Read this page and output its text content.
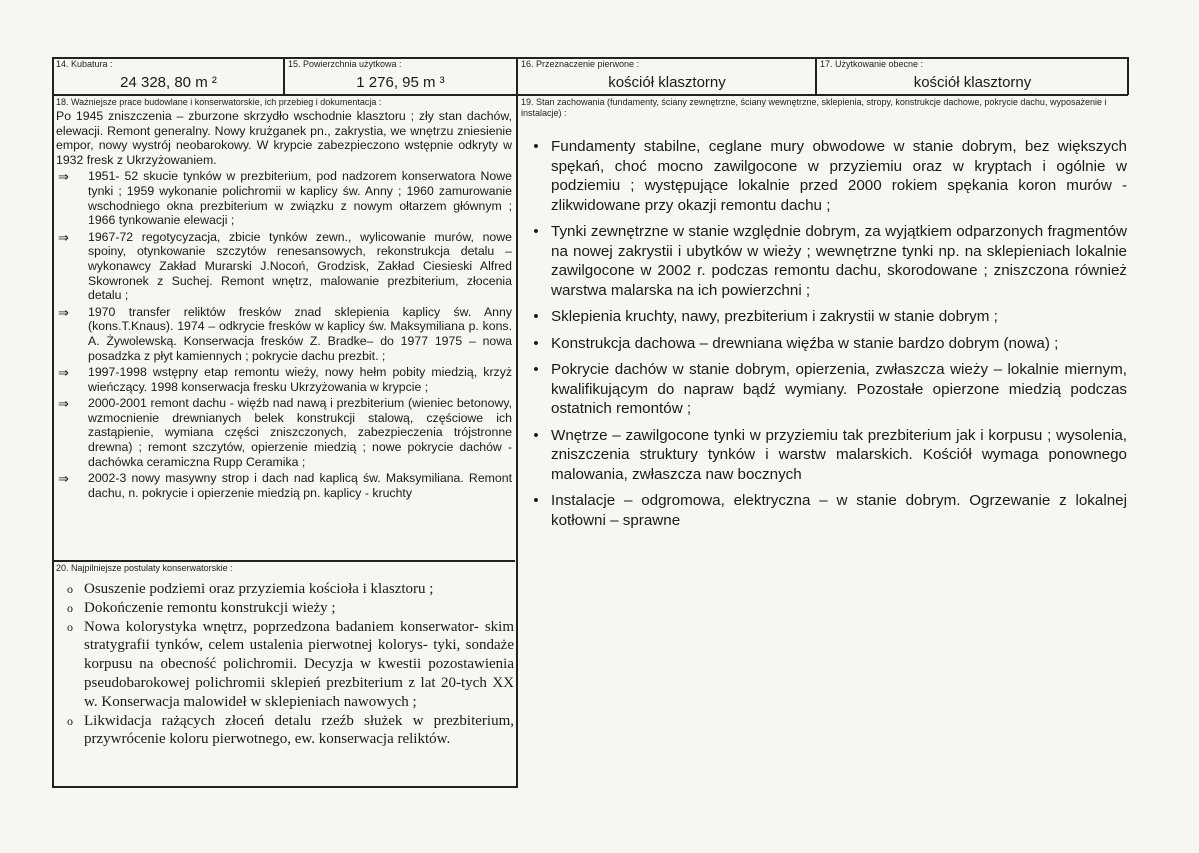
14. Kubatura :
24 328, 80 m ²
15. Powierzchnia użytkowa :
1 276, 95 m ³
16. Przeznaczenie pierwone :
kościół klasztorny
17. Użytkowanie obecne :
kościół klasztorny
18. Ważniejsze prace budowlane i konserwatorskie, ich przebieg i dokumentacja :
Po 1945 zniszczenia – zburzone skrzydło wschodnie klasztoru ; zły stan dachów, elewacji. Remont generalny. Nowy krużganek pn., zakrystia, we wnętrzu zniesienie empor, nowy wystrój neobarokowy. W krypcie zabezpieczono wstępnie odkryty w 1932 fresk z Ukrzyżowaniem.
⇒	1951- 52 skucie tynków w prezbiterium, pod nadzorem konserwatora Nowe tynki ; 1959 wykonanie polichromii w kaplicy św. Anny ; 1960 zamurowanie wschodniego okna prezbiterium w związku z nowym ołtarzem głównym ; 1966 tynkowanie elewacji ;
⇒	1967-72 regotycyzacja, zbicie tynków zewn., wylicowanie murów, nowe spoiny, otynkowanie szczytów renesansowych, rekonstrukcja detalu – wykonawcy Zakład Murarski J.Nocoń, Grodzisk, Zakład Ciesieski Alfred Skowronek z Suchej. Remont wnętrz, malowanie prezbiterium, złocenia detalu ;
⇒	1970 transfer reliktów fresków znad sklepienia kaplicy św. Anny (kons.T.Knaus). 1974 – odkrycie fresków w kaplicy św. Maksymiliana p. kons. A. Żywolewską. Konserwacja fresków Z. Bradke– do 1977 1975 – nowa posadzka z płyt kamiennych ; pokrycie dachu prezbit. ;
⇒	1997-1998 wstępny etap remontu wieży, nowy hełm pobity miedzią, krzyż wieńczący. 1998 konserwacja fresku Ukrzyżowania w krypcie ;
⇒	2000-2001 remont dachu - więźb nad nawą i prezbiterium (wieniec betonowy, wzmocnienie drewnianych belek konstrukcji stalową, częściowe ich zastąpienie, wymiana części zniszczonych, zabezpieczenia trójstronne drewna) ; remont szczytów, opierzenie miedzią ; nowe pokrycie dachów - dachówka ceramiczna Rupp Ceramika ;
⇒	2002-3 nowy masywny strop i dach nad kaplicą św. Maksymiliana. Remont dachu, n. pokrycie i opierzenie miedzią pn. kaplicy - kruchty
19. Stan zachowania (fundamenty, ściany zewnętrzne, ściany wewnętrzne, sklepienia, stropy, konstrukcje dachowe, pokrycie dachu, wyposażenie i instalacje) :
• Fundamenty stabilne, ceglane mury obwodowe w stanie dobrym, bez większych spękań, choć mocno zawilgocone w przyziemiu oraz w kryptach i ogólnie w podziemiu ; występujące lokalnie przed 2000 rokiem spękania koron murów - zlikwidowane przy okazji remontu dachu ;
• Tynki zewnętrzne w stanie względnie dobrym, za wyjątkiem odparzonych fragmentów na nowej zakrystii i ubytków w wieży ; wewnętrzne tynki np. na sklepieniach lokalnie zawilgocone w 2002 r. podczas remontu dachu, skorodowane ; zniszczona również warstwa malarska na ich powierzchni ;
• Sklepienia kruchty, nawy, prezbiterium i zakrystii w stanie dobrym ;
• Konstrukcja dachowa – drewniana więźba w stanie bardzo dobrym (nowa) ;
• Pokrycie dachów w stanie dobrym, opierzenia, zwłaszcza wieży – lokalnie miernym, kwalifikującym do napraw bądź wymiany. Pozostałe opierzone miedzią podczas ostatnich remontów ;
• Wnętrze – zawilgocone tynki w przyziemiu tak prezbiterium jak i korpusu ; wysolenia, zniszczenia struktury tynków i warstw malarskich. Kościół wymaga ponownego malowania, zwłaszcza naw bocznych
• Instalacje – odgromowa, elektryczna – w stanie dobrym. Ogrzewanie z lokalnej kotłowni – sprawne
20. Najpilniejsze postulaty konserwatorskie :
o Osuszenie podziemi oraz przyziemia kościoła i klasztoru ;
o Dokończenie remontu konstrukcji wieży ;
o Nowa kolorystyka wnętrz, poprzedzona badaniem konserwator- skim stratygrafii tynków, celem ustalenia pierwotnej kolorys- tyki, sondaże korpusu na obecność polichromii. Decyzja w kwestii pozostawienia pseudobarokowej polichromii sklepień prezbiterium z lat 20-tych XX w. Konserwacja malowideł w sklepieniach nawowych ;
o Likwidacja rażących złoceń detalu rzeźb służek w prezbiterium, przywrócenie koloru pierwotnego, ew. konserwacja reliktów.
